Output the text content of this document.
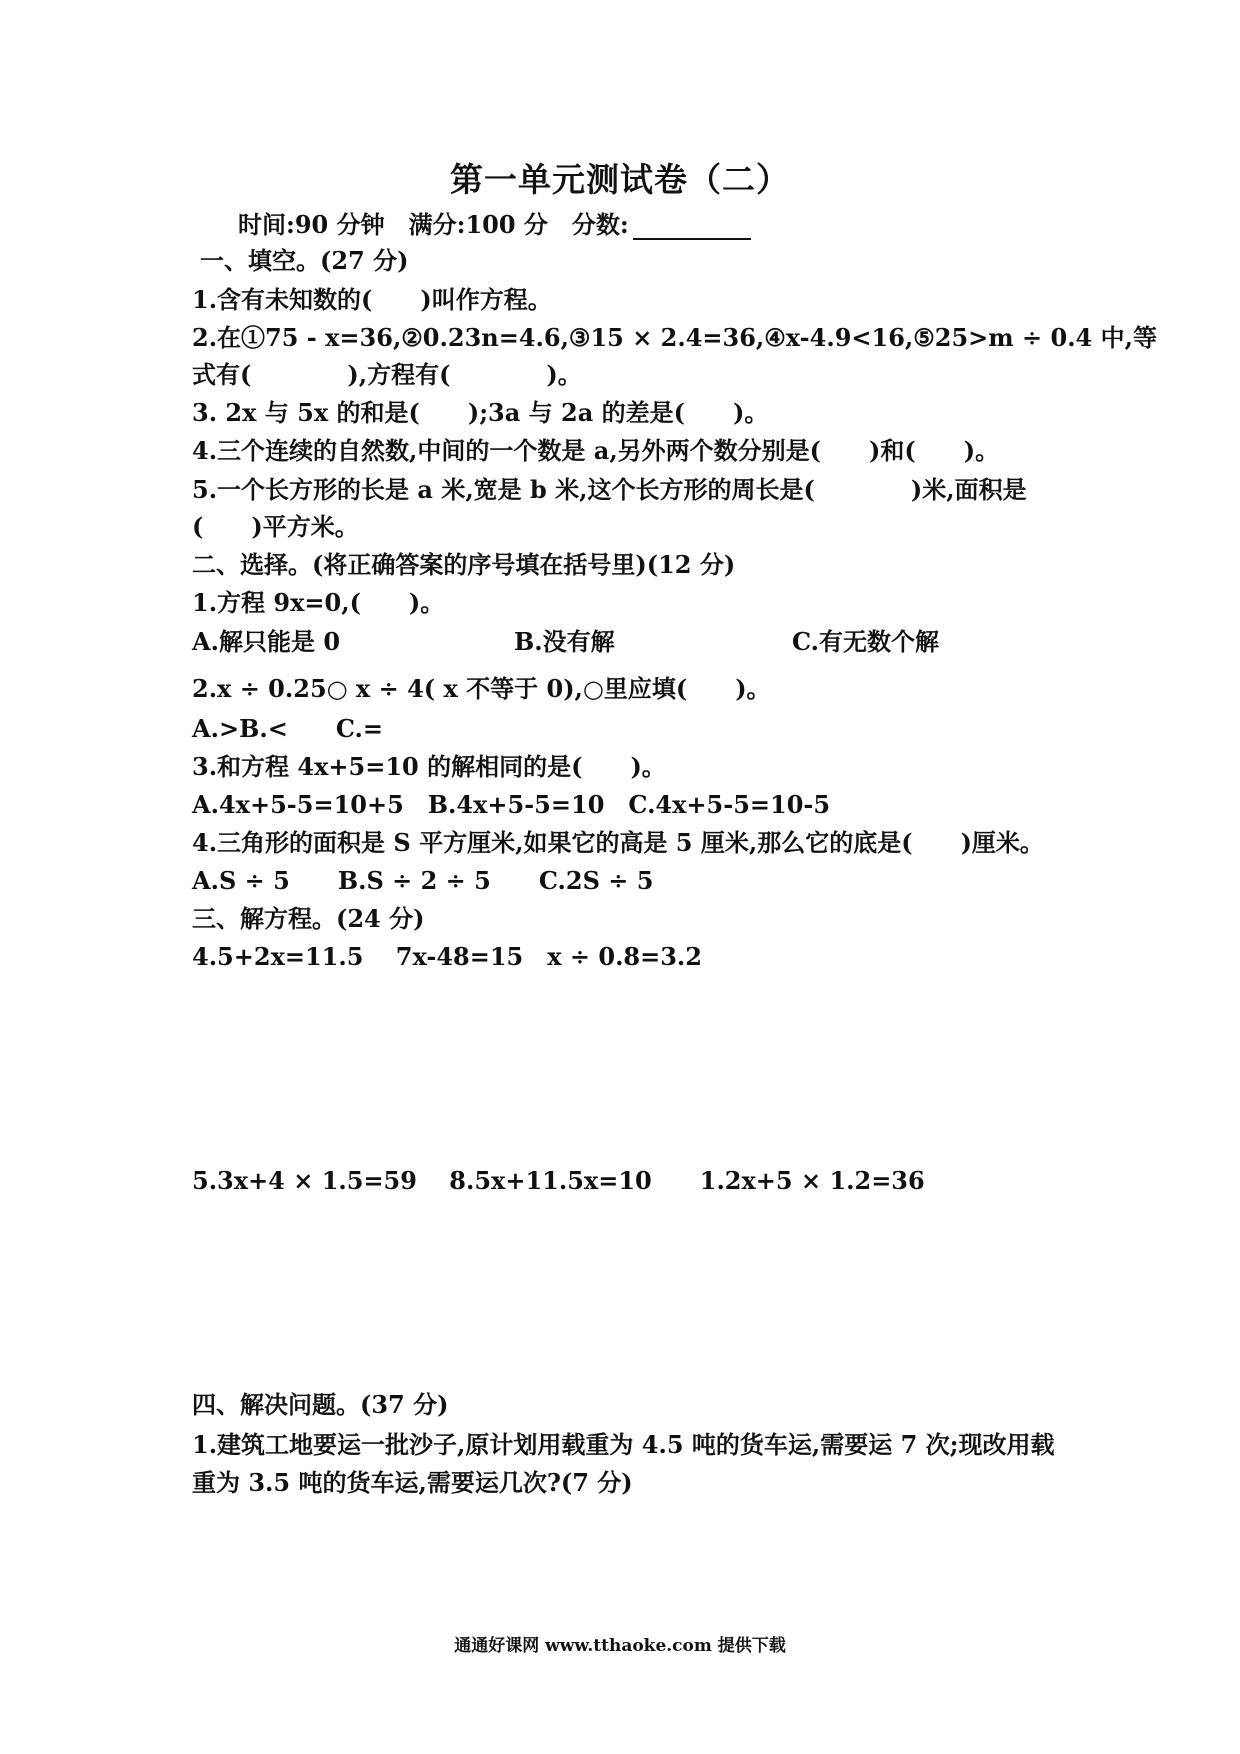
第一单元测试卷（二）
时间:90 分钟　满分:100 分　分数:
一、填空。(27 分)
1.含有未知数的(　　)叫作方程。
2.在①75 - x=36,②0.23n=4.6,③15 × 2.4=36,④x-4.9<16,⑤25>m ÷ 0.4 中,等
式有(　　　　),方程有(　　　　)。
3. 2x 与 5x 的和是(　　);3a 与 2a 的差是(　　)。
4.三个连续的自然数,中间的一个数是 a,另外两个数分别是(　　)和(　　)。
5.一个长方形的长是 a 米,宽是 b 米,这个长方形的周长是(　　　　)米,面积是
(　　)平方米。
二、选择。(将正确答案的序号填在括号里)(12 分)
1.方程 9x=0,(　　)。
A.解只能是 0	B.没有解	C.有无数个解
2.x ÷ 0.25○ x ÷ 4( x 不等于 0),○里应填(　　)。
A.>B.<　　C.=
3.和方程 4x+5=10 的解相同的是(　　)。
A.4x+5-5=10+5　B.4x+5-5=10　C.4x+5-5=10-5
4.三角形的面积是 S 平方厘米,如果它的高是 5 厘米,那么它的底是(　　)厘米。
A.S ÷ 5　　B.S ÷ 2 ÷ 5　　C.2S ÷ 5
三、解方程。(24 分)
4.5+2x=11.5　 7x-48=15　x ÷ 0.8=3.2
5.3x+4 × 1.5=59　 8.5x+11.5x=10　　1.2x+5 × 1.2=36
四、解决问题。(37 分)
1.建筑工地要运一批沙子,原计划用载重为 4.5 吨的货车运,需要运 7 次;现改用载
重为 3.5 吨的货车运,需要运几次?(7 分)
通通好课网 www.tthaoke.com 提供下载
